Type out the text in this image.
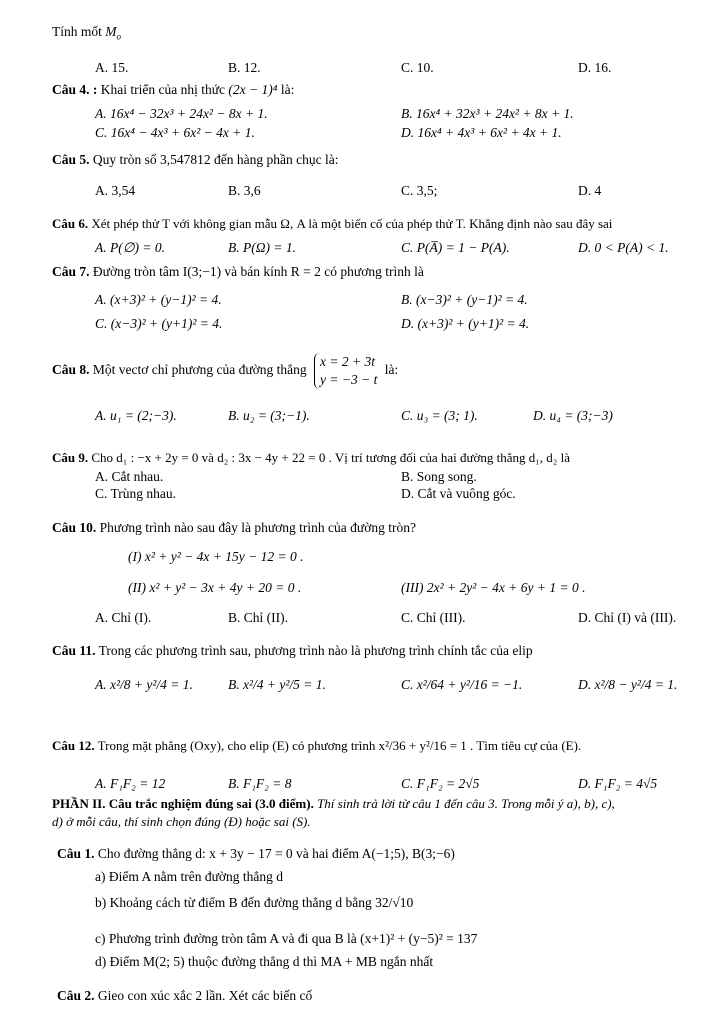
Tính mốt $M_o$
A. 15.	B. 12.	C. 10.	D. 16.
Câu 4. : Khai triển của nhị thức (2x − 1)⁴ là:
A. 16x⁴ − 32x³ + 24x² − 8x + 1.	B. 16x⁴ + 32x³ + 24x² + 8x + 1.
C. 16x⁴ − 4x³ + 6x² − 4x + 1.	D. 16x⁴ + 4x³ + 6x² + 4x + 1.
Câu 5. Quy tròn số 3,547812 đến hàng phần chục là:
A. 3,54	B. 3,6	C. 3,5;	D. 4
Câu 6. Xét phép thử T với không gian mẫu Ω, A là một biến cố của phép thử T. Khẳng định nào sau đây sai
A. P(∅) = 0.	B. P(Ω) = 1.	C. P(A̅) = 1 − P(A).	D. 0 < P(A) < 1.
Câu 7. Đường tròn tâm I(3;−1) và bán kính R = 2 có phương trình là
A. (x+3)² + (y−1)² = 4.	B. (x−3)² + (y−1)² = 4.
C. (x−3)² + (y+1)² = 4.	D. (x+3)² + (y+1)² = 4.
Câu 8. Một vectơ chỉ phương của đường thẳng
x = 2 + 3t
y = −3 − t
là:
A. u₁ = (2;−3).	B. u₂ = (3;−1).	C. u₃ = (3; 1).	D. u₄ = (3;−3)
Câu 9. Cho d₁ : −x + 2y = 0 và d₂ : 3x − 4y + 22 = 0 . Vị trí tương đối của hai đường thẳng d₁, d₂ là
A. Cắt nhau.	B. Song song.
C. Trùng nhau.	D. Cắt và vuông góc.
Câu 10. Phương trình nào sau đây là phương trình của đường tròn?
(I) x² + y² − 4x + 15y − 12 = 0 .
(II) x² + y² − 3x + 4y + 20 = 0 .	(III) 2x² + 2y² − 4x + 6y + 1 = 0 .
A. Chỉ (I).	B. Chỉ (II).	C. Chỉ (III).	D. Chỉ (I) và (III).
Câu 11. Trong các phương trình sau, phương trình nào là phương trình chính tắc của elip
A. x²/8 + y²/4 = 1.	B. x²/4 + y²/5 = 1.	C. x²/64 + y²/16 = −1.	D. x²/8 − y²/4 = 1.
Câu 12. Trong mặt phẳng (Oxy), cho elip (E) có phương trình x²/36 + y²/16 = 1 . Tìm tiêu cự của (E).
A. F₁F₂ = 12	B. F₁F₂ = 8	C. F₁F₂ = 2√5	D. F₁F₂ = 4√5
PHẦN II. Câu trắc nghiệm đúng sai (3.0 điểm). Thí sinh trả lời từ câu 1 đến câu 3. Trong mỗi ý a), b), c),
d) ở mỗi câu, thí sinh chọn đúng (Đ) hoặc sai (S).
Câu 1. Cho đường thẳng d: x + 3y − 17 = 0 và hai điểm A(−1;5), B(3;−6)
a) Điểm A nằm trên đường thẳng d
b) Khoảng cách từ điểm B đến đường thẳng d bằng 32/√10
c) Phương trình đường tròn tâm A và đi qua B là (x+1)² + (y−5)² = 137
d) Điểm M(2; 5) thuộc đường thẳng d thì MA + MB ngắn nhất
Câu 2. Gieo con xúc xắc 2 lần. Xét các biến cố
